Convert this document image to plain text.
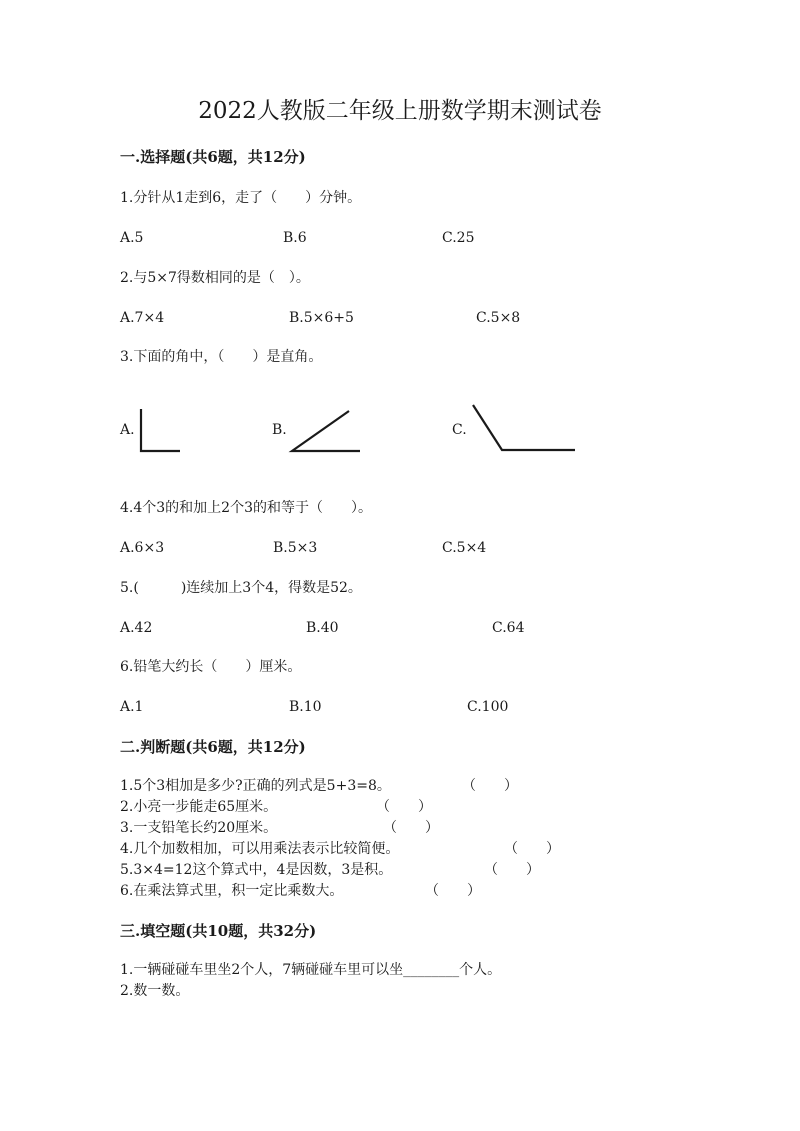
2022人教版二年级上册数学期末测试卷
一.选择题(共6题，共12分)
1.分针从1走到6，走了（　　）分钟。
A.5	B.6	C.25
2.与5×7得数相同的是（　）。
A.7×4	B.5×6+5	C.5×8
3.下面的角中，（　　）是直角。
A.	B.	C.
4.4个3的和加上2个3的和等于（　　）。
A.6×3	B.5×3	C.5×4
5.(　　　)连续加上3个4，得数是52。
A.42	B.40	C.64
6.铅笔大约长（　　）厘米。
A.1	B.10	C.100
二.判断题(共6题，共12分)
1.5个3相加是多少?正确的列式是5+3=8。	（　　）
2.小亮一步能走65厘米。	（　　）
3.一支铅笔长约20厘米。	（　　）
4.几个加数相加，可以用乘法表示比较简便。	（　　）
5.3×4=12这个算式中，4是因数，3是积。	（　　）
6.在乘法算式里，积一定比乘数大。	（　　）
三.填空题(共10题，共32分)
1.一辆碰碰车里坐2个人，7辆碰碰车里可以坐________个人。
2.数一数。
